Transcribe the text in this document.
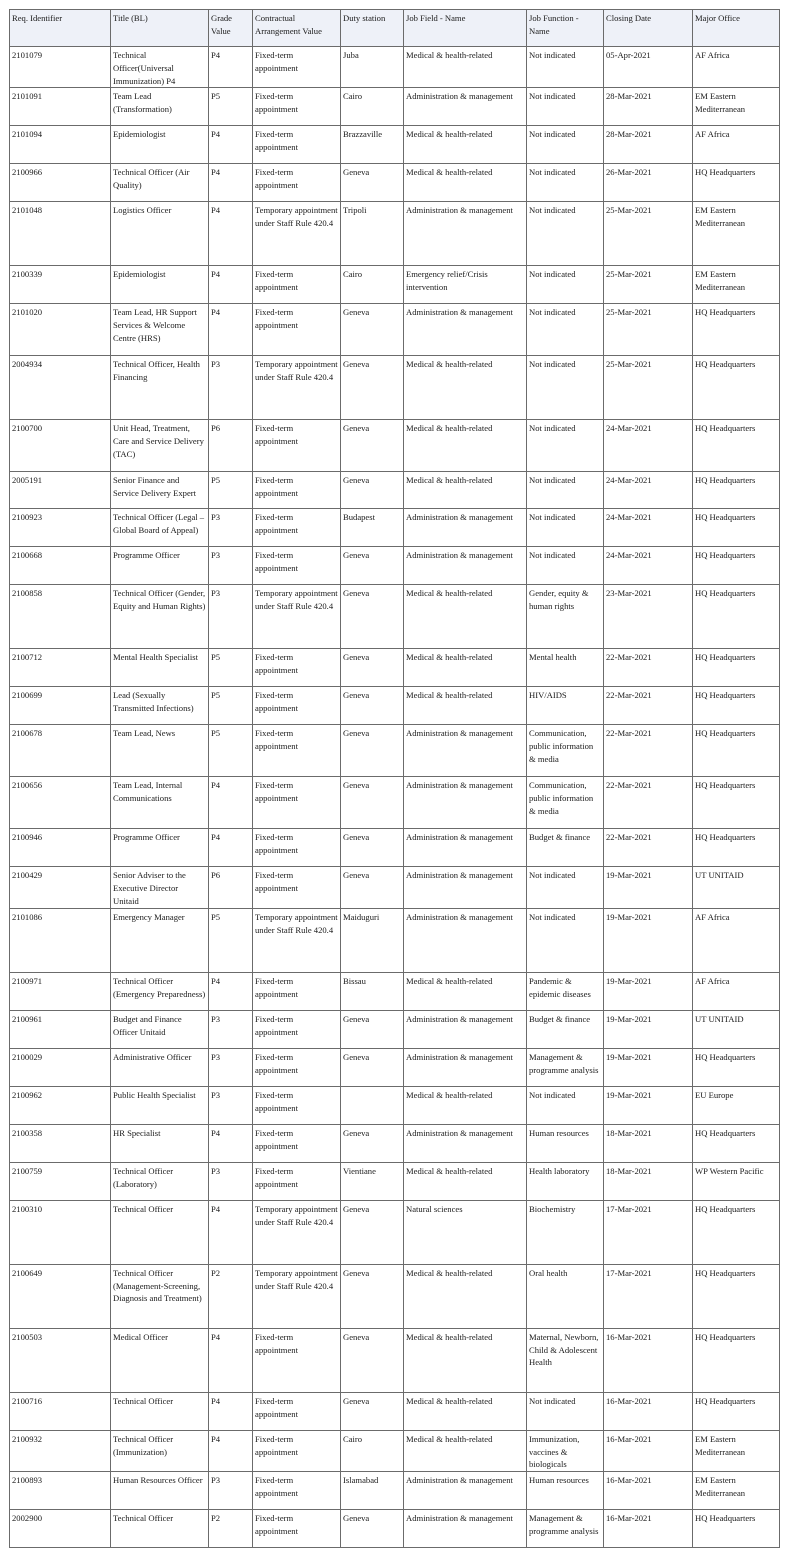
Req. Identifier	Title (BL)	Grade Value	Contractual Arrangement Value	Duty station	Job Field - Name	Job Function - Name	Closing Date	Major Office
2101079	Technical Officer(Universal Immunization) P4	P4	Fixed-term appointment	Juba	Medical & health-related	Not indicated	05-Apr-2021	AF Africa
2101091	Team Lead (Transformation)	P5	Fixed-term appointment	Cairo	Administration & management	Not indicated	28-Mar-2021	EM Eastern Mediterranean
2101094	Epidemiologist	P4	Fixed-term appointment	Brazzaville	Medical & health-related	Not indicated	28-Mar-2021	AF Africa
2100966	Technical Officer (Air Quality)	P4	Fixed-term appointment	Geneva	Medical & health-related	Not indicated	26-Mar-2021	HQ Headquarters
2101048	Logistics Officer	P4	Temporary appointment under Staff Rule 420.4	Tripoli	Administration & management	Not indicated	25-Mar-2021	EM Eastern Mediterranean
2100339	Epidemiologist	P4	Fixed-term appointment	Cairo	Emergency relief/Crisis intervention	Not indicated	25-Mar-2021	EM Eastern Mediterranean
2101020	Team Lead, HR Support Services & Welcome Centre (HRS)	P4	Fixed-term appointment	Geneva	Administration & management	Not indicated	25-Mar-2021	HQ Headquarters
2004934	Technical Officer, Health Financing	P3	Temporary appointment under Staff Rule 420.4	Geneva	Medical & health-related	Not indicated	25-Mar-2021	HQ Headquarters
2100700	Unit Head, Treatment, Care and Service Delivery (TAC)	P6	Fixed-term appointment	Geneva	Medical & health-related	Not indicated	24-Mar-2021	HQ Headquarters
2005191	Senior Finance and Service Delivery Expert	P5	Fixed-term appointment	Geneva	Medical & health-related	Not indicated	24-Mar-2021	HQ Headquarters
2100923	Technical Officer (Legal – Global Board of Appeal)	P3	Fixed-term appointment	Budapest	Administration & management	Not indicated	24-Mar-2021	HQ Headquarters
2100668	Programme Officer	P3	Fixed-term appointment	Geneva	Administration & management	Not indicated	24-Mar-2021	HQ Headquarters
2100858	Technical Officer (Gender, Equity and Human Rights)	P3	Temporary appointment under Staff Rule 420.4	Geneva	Medical & health-related	Gender, equity & human rights	23-Mar-2021	HQ Headquarters
2100712	Mental Health Specialist	P5	Fixed-term appointment	Geneva	Medical & health-related	Mental health	22-Mar-2021	HQ Headquarters
2100699	Lead (Sexually Transmitted Infections)	P5	Fixed-term appointment	Geneva	Medical & health-related	HIV/AIDS	22-Mar-2021	HQ Headquarters
2100678	Team Lead, News	P5	Fixed-term appointment	Geneva	Administration & management	Communication, public information & media	22-Mar-2021	HQ Headquarters
2100656	Team Lead, Internal Communications	P4	Fixed-term appointment	Geneva	Administration & management	Communication, public information & media	22-Mar-2021	HQ Headquarters
2100946	Programme Officer	P4	Fixed-term appointment	Geneva	Administration & management	Budget & finance	22-Mar-2021	HQ Headquarters
2100429	Senior Adviser to the Executive Director Unitaid	P6	Fixed-term appointment	Geneva	Administration & management	Not indicated	19-Mar-2021	UT UNITAID
2101086	Emergency Manager	P5	Temporary appointment under Staff Rule 420.4	Maiduguri	Administration & management	Not indicated	19-Mar-2021	AF Africa
2100971	Technical Officer (Emergency Preparedness)	P4	Fixed-term appointment	Bissau	Medical & health-related	Pandemic & epidemic diseases	19-Mar-2021	AF Africa
2100961	Budget and Finance Officer Unitaid	P3	Fixed-term appointment	Geneva	Administration & management	Budget & finance	19-Mar-2021	UT UNITAID
2100029	Administrative Officer	P3	Fixed-term appointment	Geneva	Administration & management	Management & programme analysis	19-Mar-2021	HQ Headquarters
2100962	Public Health Specialist	P3	Fixed-term appointment		Medical & health-related	Not indicated	19-Mar-2021	EU Europe
2100358	HR Specialist	P4	Fixed-term appointment	Geneva	Administration & management	Human resources	18-Mar-2021	HQ Headquarters
2100759	Technical Officer (Laboratory)	P3	Fixed-term appointment	Vientiane	Medical & health-related	Health laboratory	18-Mar-2021	WP Western Pacific
2100310	Technical Officer	P4	Temporary appointment under Staff Rule 420.4	Geneva	Natural sciences	Biochemistry	17-Mar-2021	HQ Headquarters
2100649	Technical Officer (Management-Screening, Diagnosis and Treatment)	P2	Temporary appointment under Staff Rule 420.4	Geneva	Medical & health-related	Oral health	17-Mar-2021	HQ Headquarters
2100503	Medical Officer	P4	Fixed-term appointment	Geneva	Medical & health-related	Maternal, Newborn, Child & Adolescent Health	16-Mar-2021	HQ Headquarters
2100716	Technical Officer	P4	Fixed-term appointment	Geneva	Medical & health-related	Not indicated	16-Mar-2021	HQ Headquarters
2100932	Technical Officer (Immunization)	P4	Fixed-term appointment	Cairo	Medical & health-related	Immunization, vaccines & biologicals	16-Mar-2021	EM Eastern Mediterranean
2100893	Human Resources Officer	P3	Fixed-term appointment	Islamabad	Administration & management	Human resources	16-Mar-2021	EM Eastern Mediterranean
2002900	Technical Officer	P2	Fixed-term appointment	Geneva	Administration & management	Management & programme analysis	16-Mar-2021	HQ Headquarters
